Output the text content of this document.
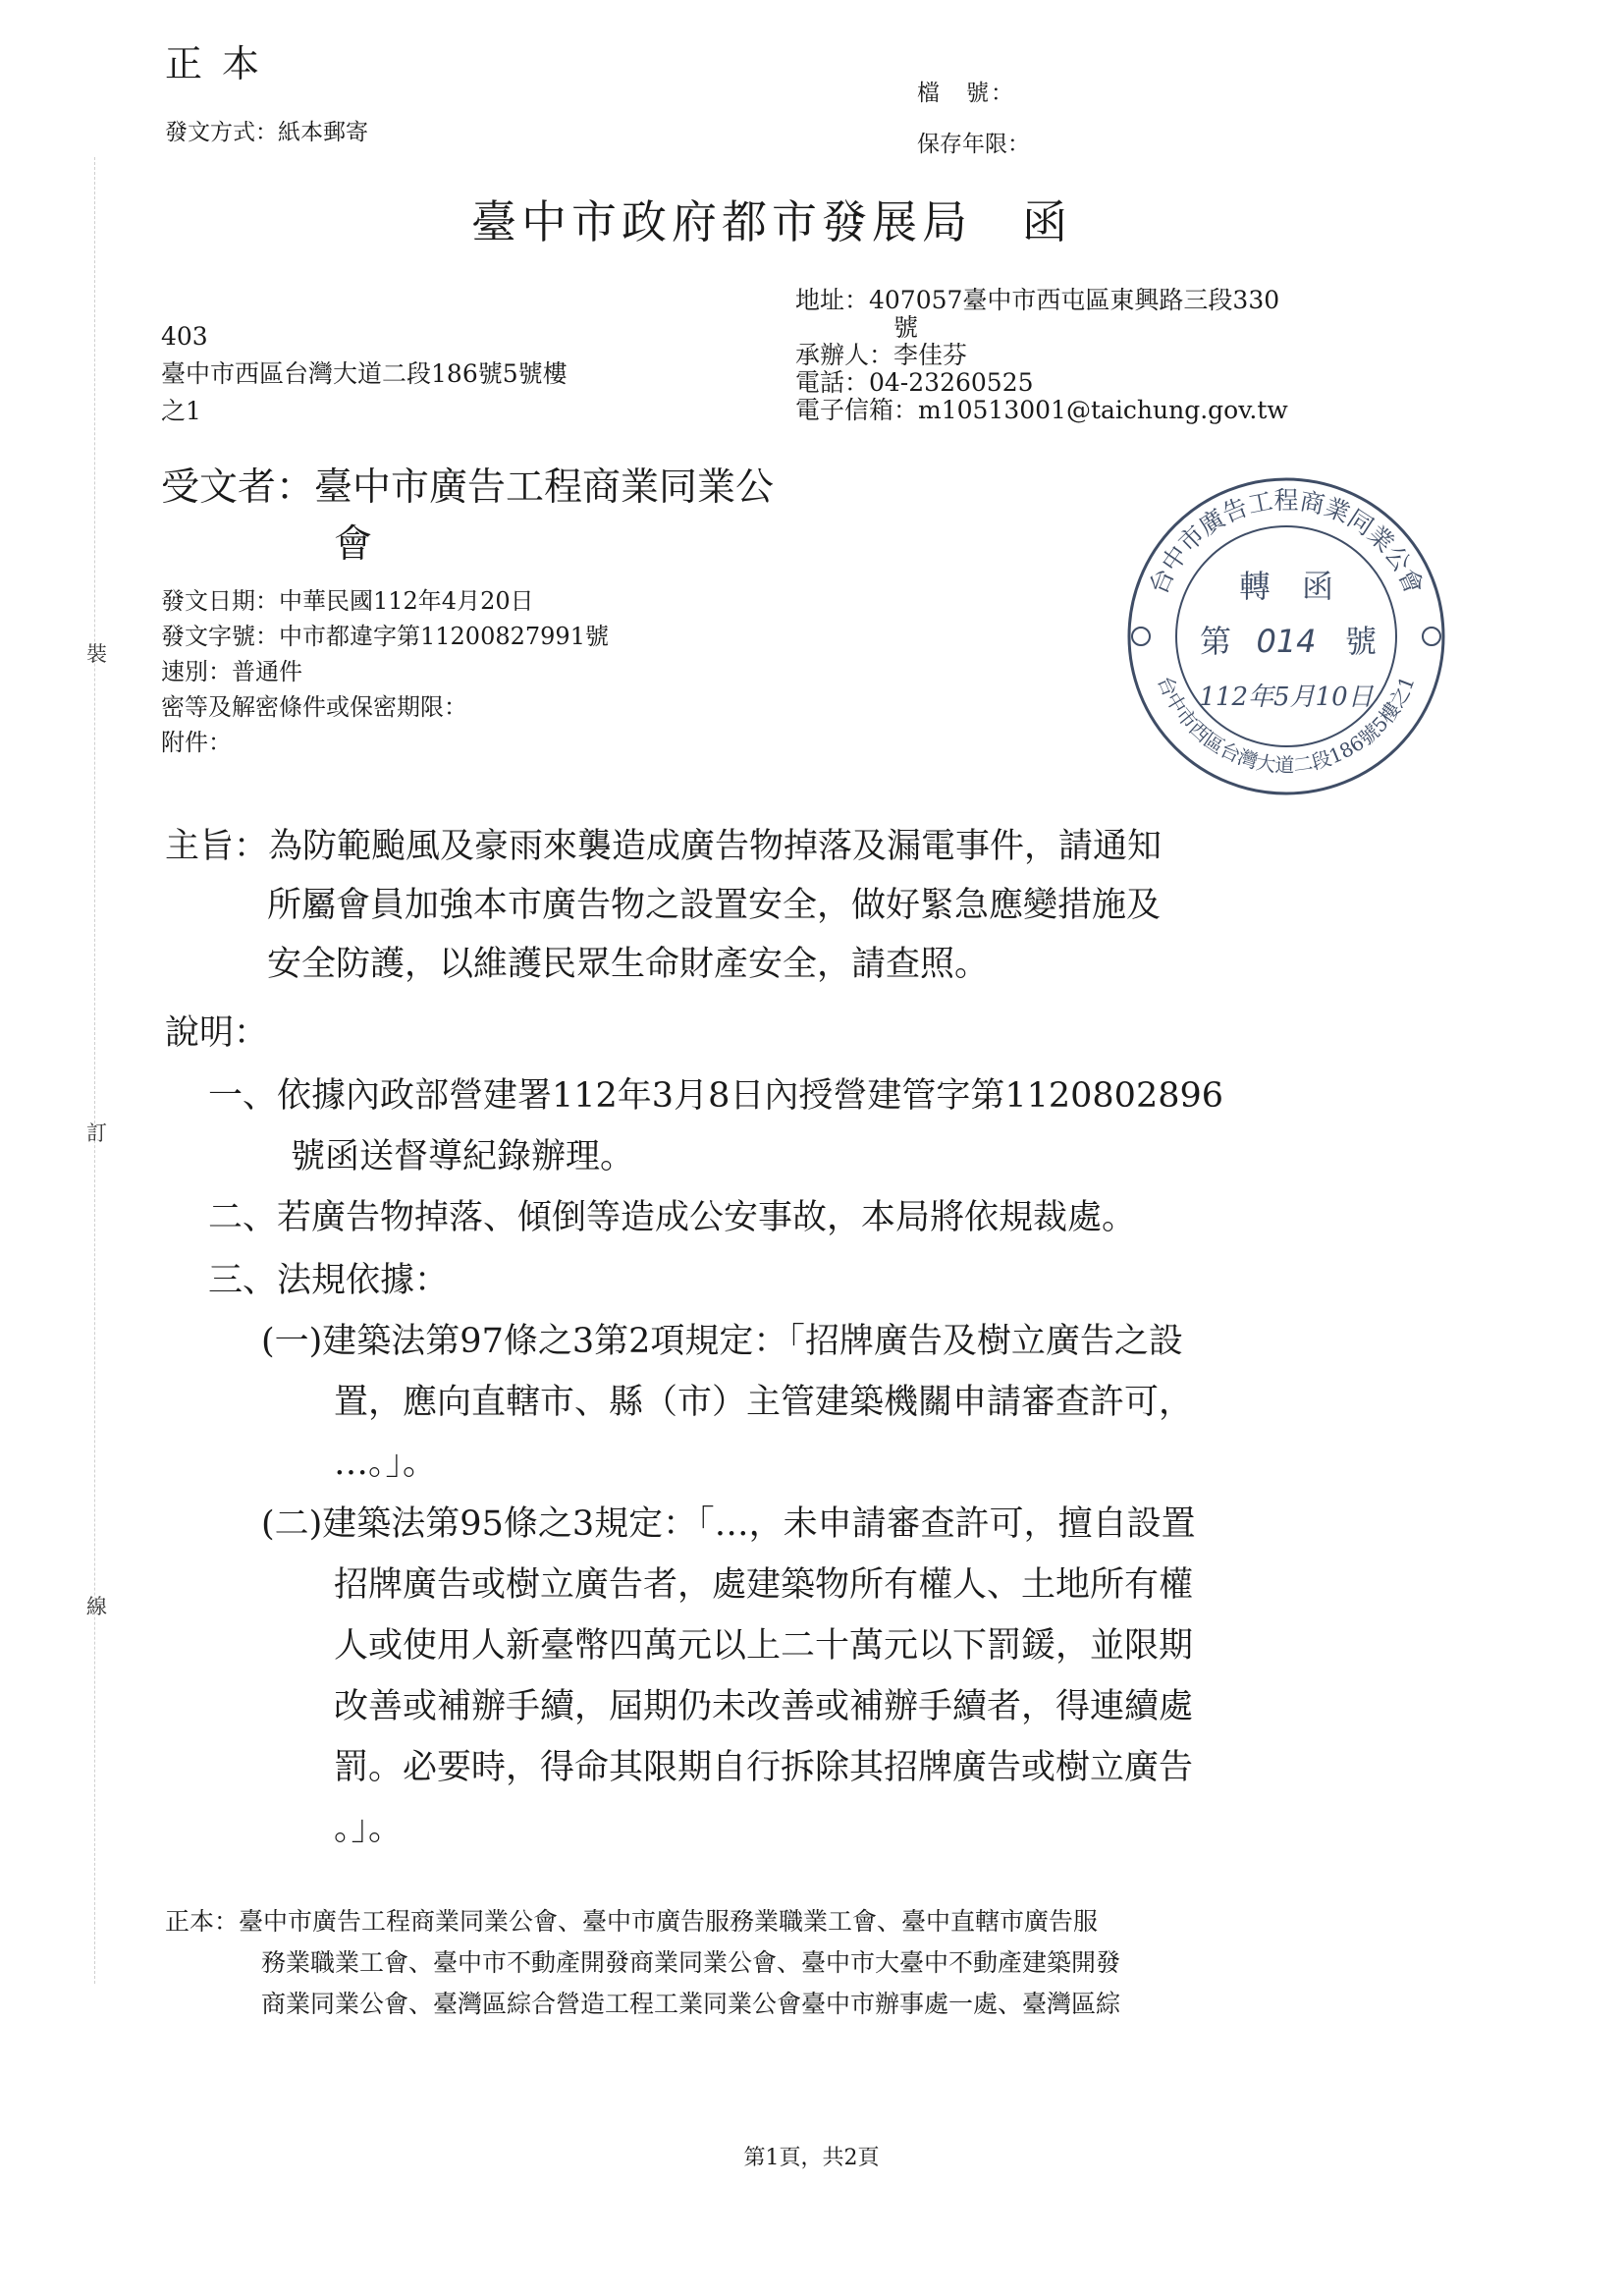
正本
發文方式：紙本郵寄
檔　號：
保存年限：
臺中市政府都市發展局　函
地址：407057臺中市西屯區東興路三段330
號
承辦人：李佳芬
電話：04-23260525
電子信箱：m10513001@taichung.gov.tw
403
臺中市西區台灣大道二段186號5號樓
之1
受文者：臺中市廣告工程商業同業公
會
發文日期：中華民國112年4月20日
發文字號：中市都違字第11200827991號
速別：普通件
密等及解密條件或保密期限：
附件：
裝
訂
線
台中市廣告工程商業同業公會
台中市西區台灣大道二段186號5樓之1
轉　函
第 014 號
112年5月10日
主旨：為防範颱風及豪雨來襲造成廣告物掉落及漏電事件，請通知
所屬會員加強本市廣告物之設置安全，做好緊急應變措施及
安全防護，以維護民眾生命財產安全，請查照。
說明：
一、依據內政部營建署112年3月8日內授營建管字第1120802896
號函送督導紀錄辦理。
二、若廣告物掉落、傾倒等造成公安事故，本局將依規裁處。
三、法規依據：
(一)建築法第97條之3第2項規定：「招牌廣告及樹立廣告之設
置，應向直轄市、縣（市）主管建築機關申請審查許可，
…。」。
(二)建築法第95條之3規定：「…，未申請審查許可，擅自設置
招牌廣告或樹立廣告者，處建築物所有權人、土地所有權
人或使用人新臺幣四萬元以上二十萬元以下罰鍰，並限期
改善或補辦手續，屆期仍未改善或補辦手續者，得連續處
罰。必要時，得命其限期自行拆除其招牌廣告或樹立廣告
。」。
正本：臺中市廣告工程商業同業公會、臺中市廣告服務業職業工會、臺中直轄市廣告服
務業職業工會、臺中市不動產開發商業同業公會、臺中市大臺中不動產建築開發
商業同業公會、臺灣區綜合營造工程工業同業公會臺中市辦事處一處、臺灣區綜
第1頁，共2頁
